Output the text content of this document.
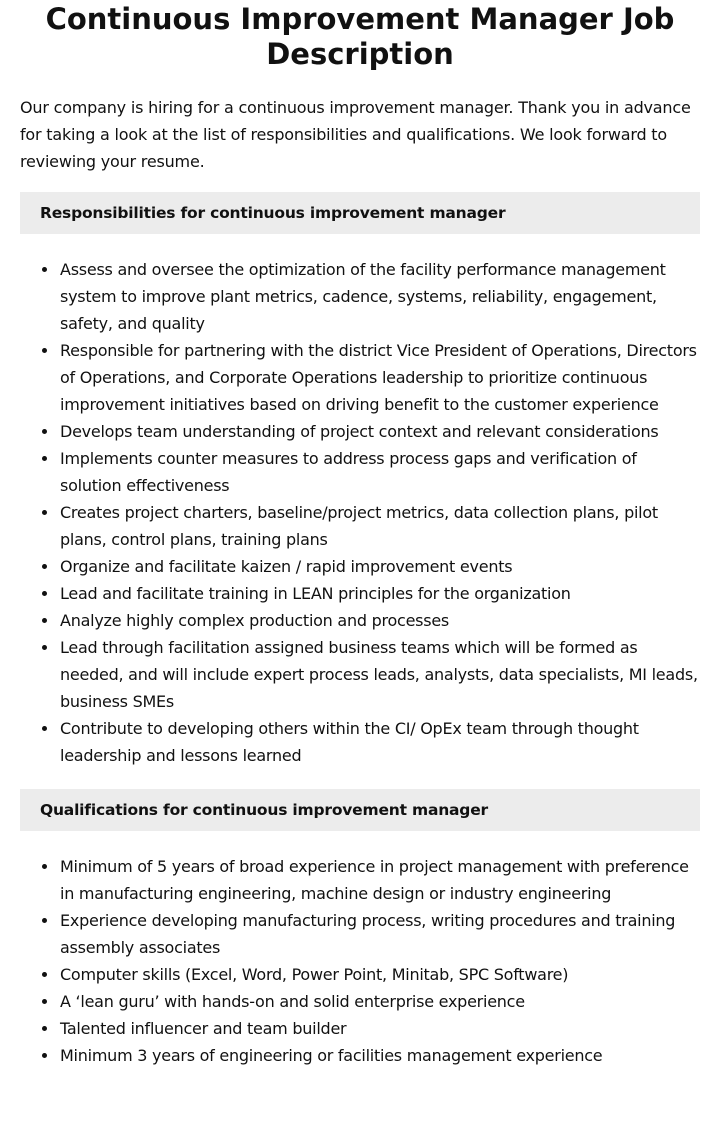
Continuous Improvement Manager Job Description

Our company is hiring for a continuous improvement manager. Thank you in advance for taking a look at the list of responsibilities and qualifications. We look forward to reviewing your resume.

Responsibilities for continuous improvement manager
Assess and oversee the optimization of the facility performance management system to improve plant metrics, cadence, systems, reliability, engagement, safety, and quality
Responsible for partnering with the district Vice President of Operations, Directors of Operations, and Corporate Operations leadership to prioritize continuous improvement initiatives based on driving benefit to the customer experience
Develops team understanding of project context and relevant considerations
Implements counter measures to address process gaps and verification of solution effectiveness
Creates project charters, baseline/project metrics, data collection plans, pilot plans, control plans, training plans
Organize and facilitate kaizen / rapid improvement events
Lead and facilitate training in LEAN principles for the organization
Analyze highly complex production and processes
Lead through facilitation assigned business teams which will be formed as needed, and will include expert process leads, analysts, data specialists, MI leads, business SMEs
Contribute to developing others within the CI/ OpEx team through thought leadership and lessons learned
Qualifications for continuous improvement manager
Minimum of 5 years of broad experience in project management with preference in manufacturing engineering, machine design or industry engineering
Experience developing manufacturing process, writing procedures and training assembly associates
Computer skills (Excel, Word, Power Point, Minitab, SPC Software)
A ‘lean guru’ with hands-on and solid enterprise experience
Talented influencer and team builder
Minimum 3 years of engineering or facilities management experience
